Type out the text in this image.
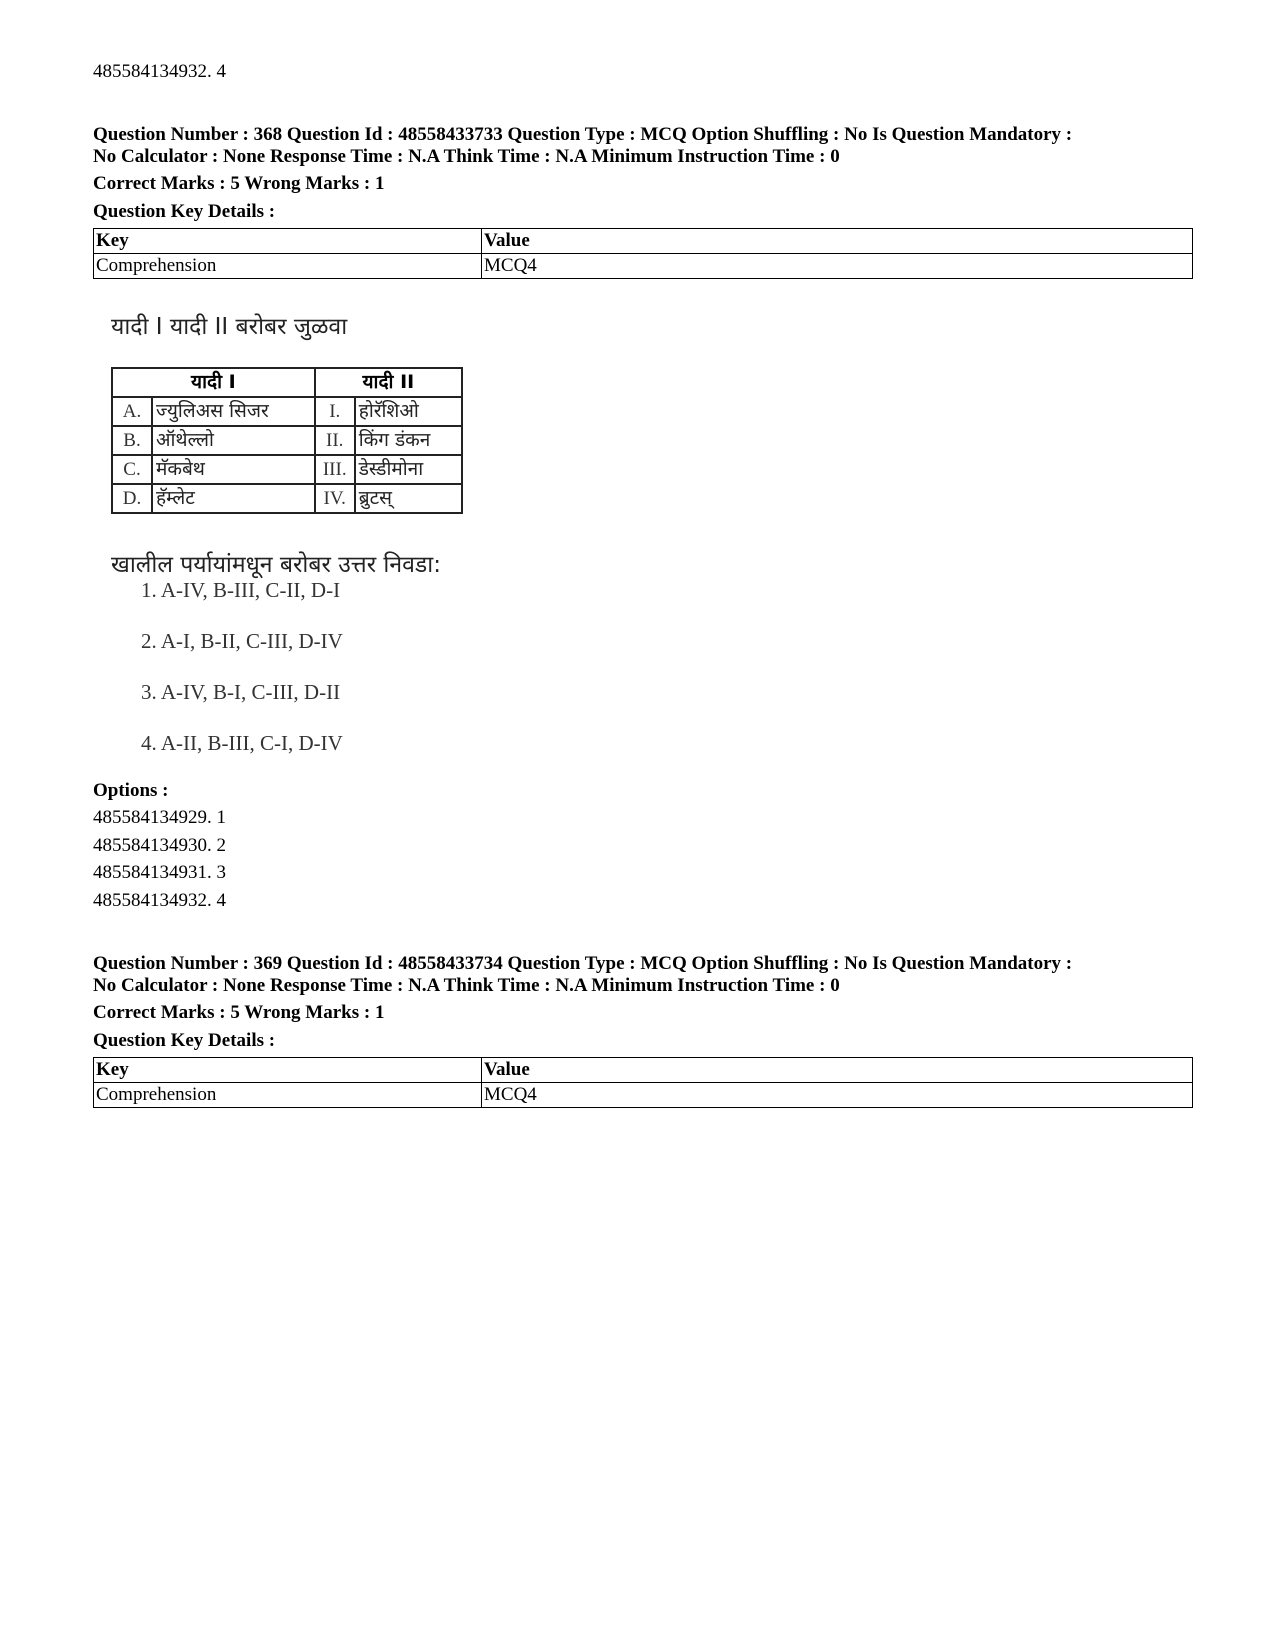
485584134932. 4
Question Number : 368 Question Id : 48558433733 Question Type : MCQ Option Shuffling : No Is Question Mandatory :
No Calculator : None Response Time : N.A Think Time : N.A Minimum Instruction Time : 0
Correct Marks : 5 Wrong Marks : 1
Question Key Details :
Key	Value
Comprehension	MCQ4
यादी I यादी II बरोबर जुळवा
यादी I		यादी II	
A.	ज्युलिअस सिजर	I.	होरॅशिओ
B.	ऑथेल्लो	II.	किंग डंकन
C.	मॅकबेथ	III.	डेस्डीमोना
D.	हॅम्लेट	IV.	ब्रुटस्
खालील पर्यायांमधून बरोबर उत्तर निवडा:
1. A-IV, B-III, C-II, D-I
2. A-I, B-II, C-III, D-IV
3. A-IV, B-I, C-III, D-II
4. A-II, B-III, C-I, D-IV
Options :
485584134929. 1
485584134930. 2
485584134931. 3
485584134932. 4
Question Number : 369 Question Id : 48558433734 Question Type : MCQ Option Shuffling : No Is Question Mandatory :
No Calculator : None Response Time : N.A Think Time : N.A Minimum Instruction Time : 0
Correct Marks : 5 Wrong Marks : 1
Question Key Details :
Key	Value
Comprehension	MCQ4
